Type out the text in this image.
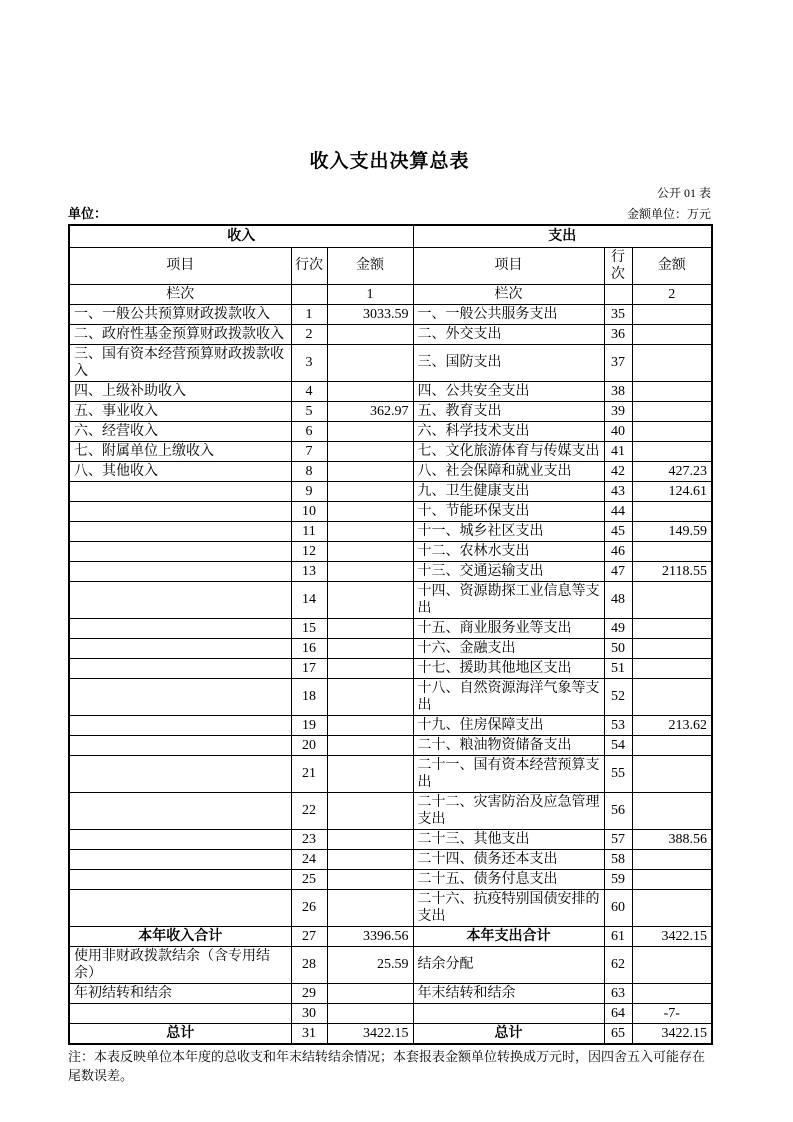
收入支出决算总表
公开 01 表
单位：	金额单位：万元
收入			支出		
项目	行次	金额	项目	行次	金额
栏次		1	栏次		2
一、一般公共预算财政拨款收入	1	3033.59	一、一般公共服务支出	35	
二、政府性基金预算财政拨款收入	2		二、外交支出	36	
三、国有资本经营预算财政拨款收入	3		三、国防支出	37	
四、上级补助收入	4		四、公共安全支出	38	
五、事业收入	5	362.97	五、教育支出	39	
六、经营收入	6		六、科学技术支出	40	
七、附属单位上缴收入	7		七、文化旅游体育与传媒支出	41	
八、其他收入	8		八、社会保障和就业支出	42	427.23
	9		九、卫生健康支出	43	124.61
	10		十、节能环保支出	44	
	11		十一、城乡社区支出	45	149.59
	12		十二、农林水支出	46	
	13		十三、交通运输支出	47	2118.55
	14		十四、资源勘探工业信息等支出	48	
	15		十五、商业服务业等支出	49	
	16		十六、金融支出	50	
	17		十七、援助其他地区支出	51	
	18		十八、自然资源海洋气象等支出	52	
	19		十九、住房保障支出	53	213.62
	20		二十、粮油物资储备支出	54	
	21		二十一、国有资本经营预算支出	55	
	22		二十二、灾害防治及应急管理支出	56	
	23		二十三、其他支出	57	388.56
	24		二十四、债务还本支出	58	
	25		二十五、债务付息支出	59	
	26		二十六、抗疫特别国债安排的支出	60	
本年收入合计	27	3396.56	本年支出合计	61	3422.15
使用非财政拨款结余（含专用结余）	28	25.59	结余分配	62	
年初结转和结余	29		年末结转和结余	63	
	30			64	-7-
总计	31	3422.15	总计	65	3422.15
注：本表反映单位本年度的总收支和年末结转结余情况；本套报表金额单位转换成万元时，因四舍五入可能存在尾数误差。
